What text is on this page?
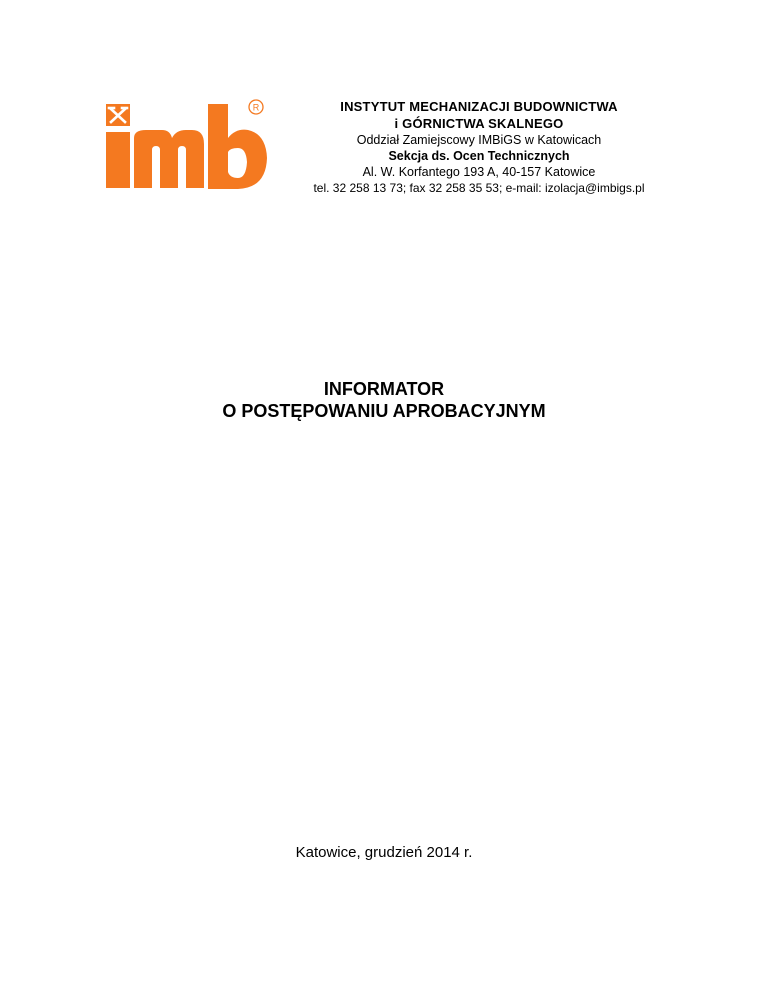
R	INSTYTUT MECHANIZACJI BUDOWNICTWA
i GÓRNICTWA SKALNEGO
Oddział Zamiejscowy IMBiGS w Katowicach
Sekcja ds. Ocen Technicznych
Al. W. Korfantego 193 A, 40-157 Katowice
tel. 32 258 13 73; fax 32 258 35 53; e-mail: izolacja@imbigs.pl
INFORMATOR
O POSTĘPOWANIU APROBACYJNYM
Katowice, grudzień 2014 r.
